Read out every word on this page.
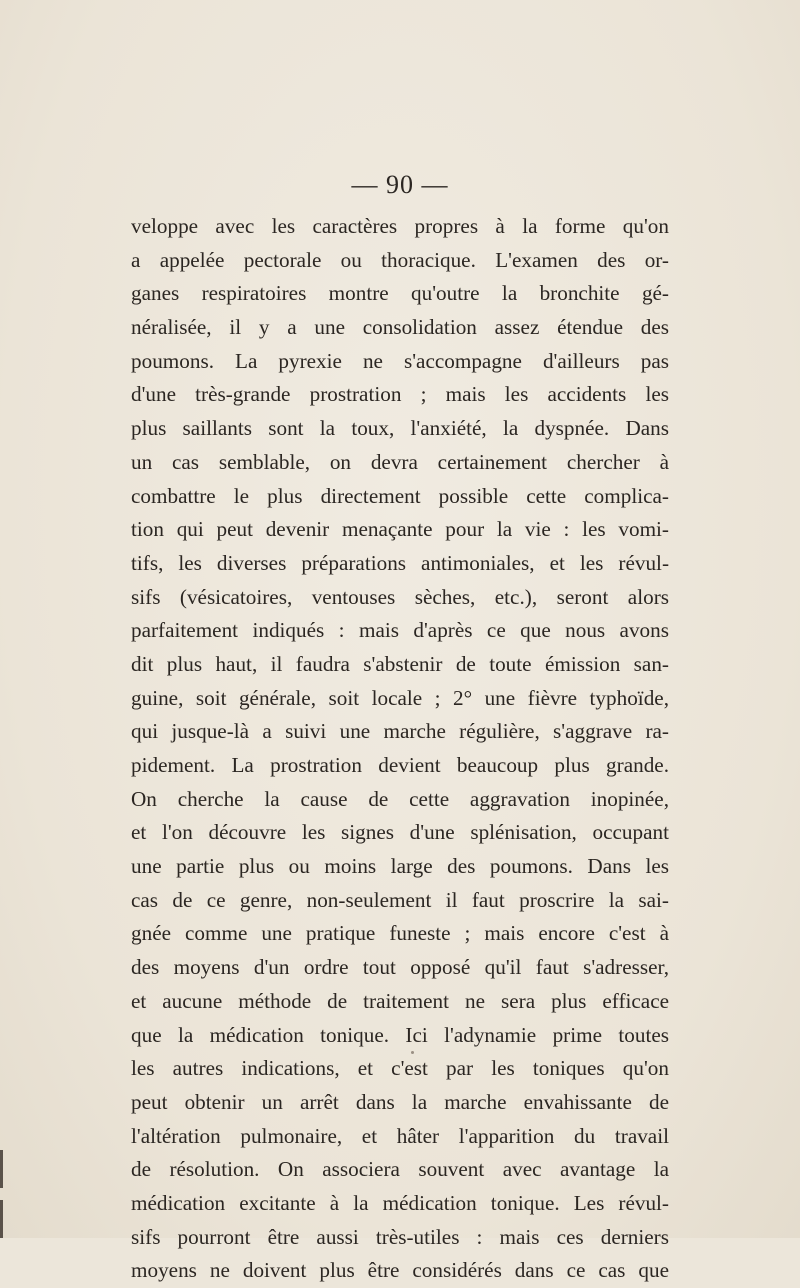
— 90 —
veloppe avec les caractères propres à la forme qu'on
a appelée pectorale ou thoracique. L'examen des or-
ganes respiratoires montre qu'outre la bronchite gé-
néralisée, il y a une consolidation assez étendue des
poumons. La pyrexie ne s'accompagne d'ailleurs pas
d'une très-grande prostration ; mais les accidents les
plus saillants sont la toux, l'anxiété, la dyspnée. Dans
un cas semblable, on devra certainement chercher à
combattre le plus directement possible cette complica-
tion qui peut devenir menaçante pour la vie : les vomi-
tifs, les diverses préparations antimoniales, et les révul-
sifs (vésicatoires, ventouses sèches, etc.), seront alors
parfaitement indiqués : mais d'après ce que nous avons
dit plus haut, il faudra s'abstenir de toute émission san-
guine, soit générale, soit locale ; 2° une fièvre typhoïde,
qui jusque-là a suivi une marche régulière, s'aggrave ra-
pidement. La prostration devient beaucoup plus grande.
On cherche la cause de cette aggravation inopinée,
et l'on découvre les signes d'une splénisation, occupant
une partie plus ou moins large des poumons. Dans les
cas de ce genre, non-seulement il faut proscrire la sai-
gnée comme une pratique funeste ; mais encore c'est à
des moyens d'un ordre tout opposé qu'il faut s'adresser,
et aucune méthode de traitement ne sera plus efficace
que la médication tonique. Ici l'adynamie prime toutes
les autres indications, et c'est par les toniques qu'on
peut obtenir un arrêt dans la marche envahissante de
l'altération pulmonaire, et hâter l'apparition du travail
de résolution. On associera souvent avec avantage la
médication excitante à la médication tonique. Les révul-
sifs pourront être aussi très-utiles : mais ces derniers
moyens ne doivent plus être considérés dans ce cas que
